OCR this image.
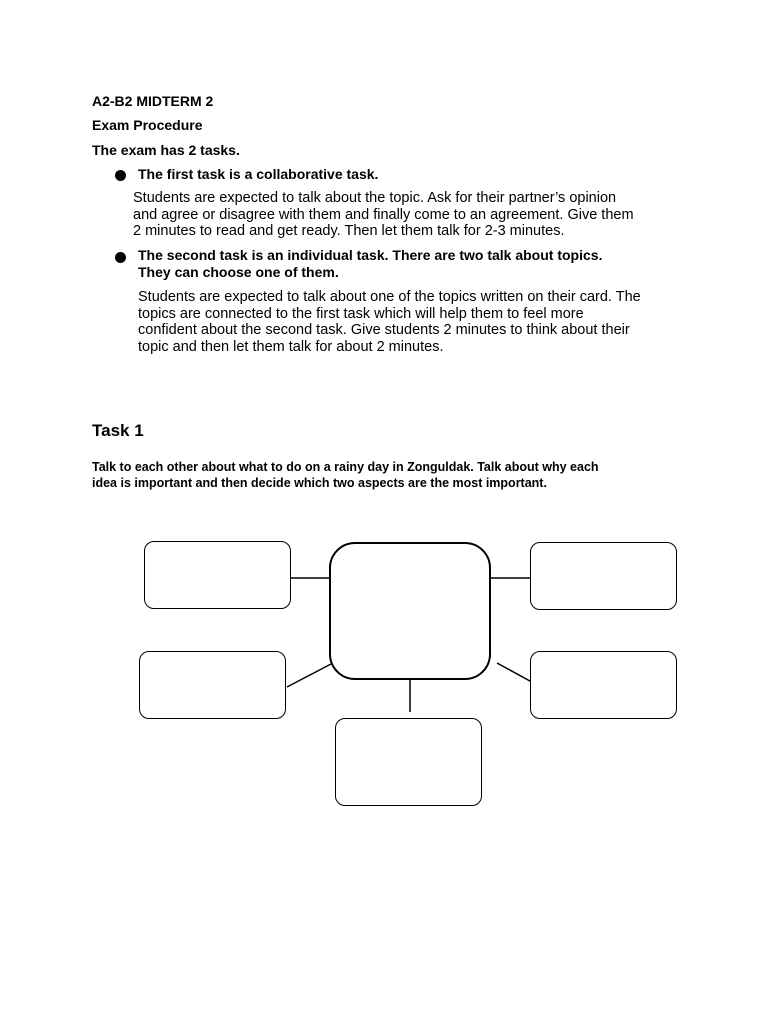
A2-B2 MIDTERM 2

Exam Procedure

The exam has 2 tasks.

The first task is a collaborative task.

Students are expected to talk about the topic. Ask for their partner’s opinion
and agree or disagree with them and finally come to an agreement. Give them
2 minutes to read and get ready. Then let them talk for 2-3 minutes.
The second task is an individual task. There are two talk about topics.
They can choose one of them.
Students are expected to talk about one of the topics written on their card. The
topics are connected to the first task which will help them to feel more
confident about the second task. Give students 2 minutes to think about their
topic and then let them talk for about 2 minutes.

Task 1

Talk to each other about what to do on a rainy day in Zonguldak. Talk about why each
idea is important and then decide which two aspects are the most important.
